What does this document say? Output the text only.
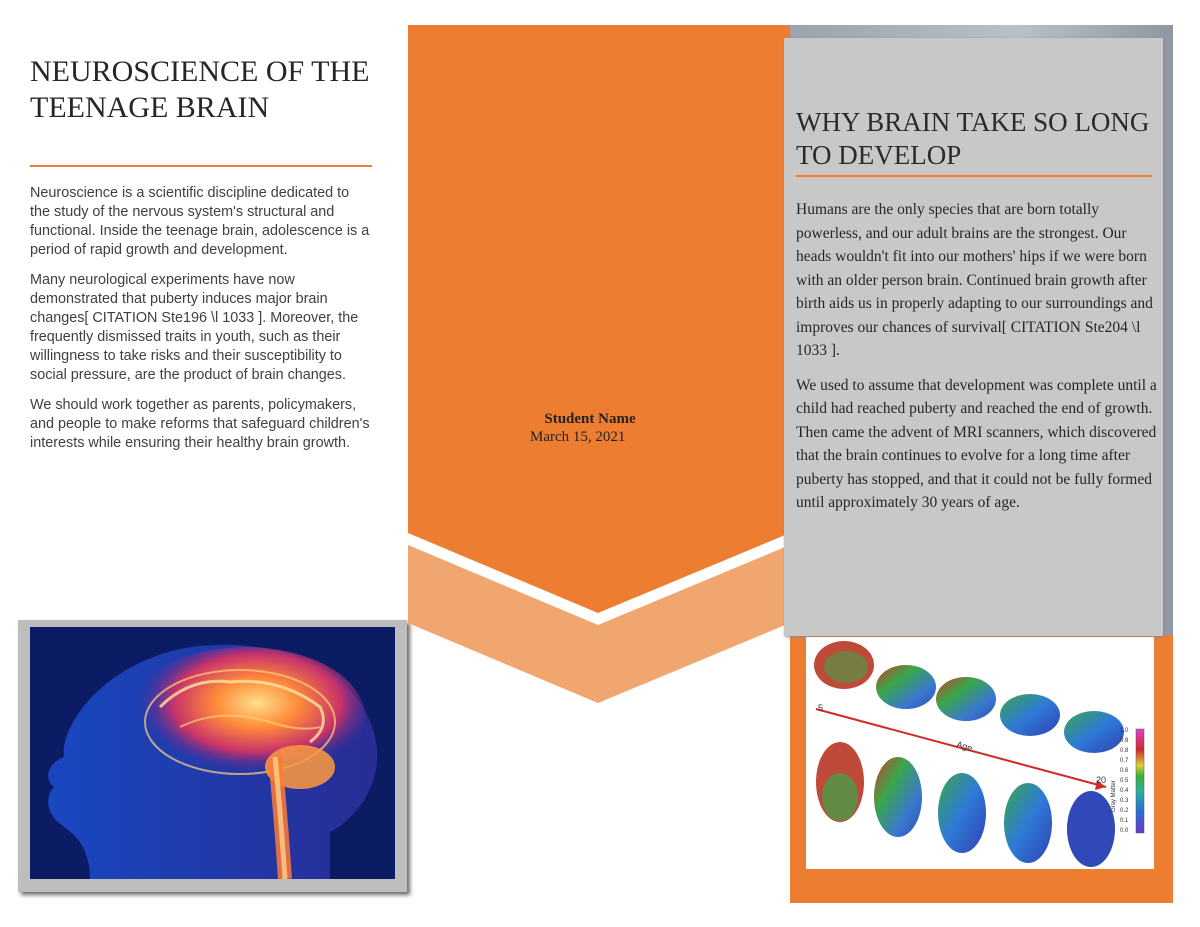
NEUROSCIENCE OF THE TEENAGE BRAIN

Neuroscience is a scientific discipline dedicated to the study of the nervous system's structural and functional. Inside the teenage brain, adolescence is a period of rapid growth and development.

Many neurological experiments have now demonstrated that puberty induces major brain changes[ CITATION Ste196 \l 1033 ]. Moreover, the frequently dismissed traits in youth, such as their willingness to take risks and their susceptibility to social pressure, are the product of brain changes.

We should work together as parents, policymakers, and people to make reforms that safeguard children's interests while ensuring their healthy brain growth.

Student Name
March 15, 2021
WHY BRAIN TAKE SO LONG TO DEVELOP

Humans are the only species that are born totally powerless, and our adult brains are the strongest. Our heads wouldn't fit into our mothers' hips if we were born with an older person brain. Continued brain growth after birth aids us in properly adapting to our surroundings and improves our chances of survival[ CITATION Ste204 \l 1033 ].

We used to assume that development was complete until a child had reached puberty and reached the end of growth. Then came the advent of MRI scanners, which discovered that the brain continues to evolve for a long time after puberty has stopped, and that it could not be fully formed until approximately 30 years of age.

5
Age
20
1.0
0.9
0.8
0.7
0.6
0.5
0.4
0.3
0.2
0.1
0.0
Gray Matter
